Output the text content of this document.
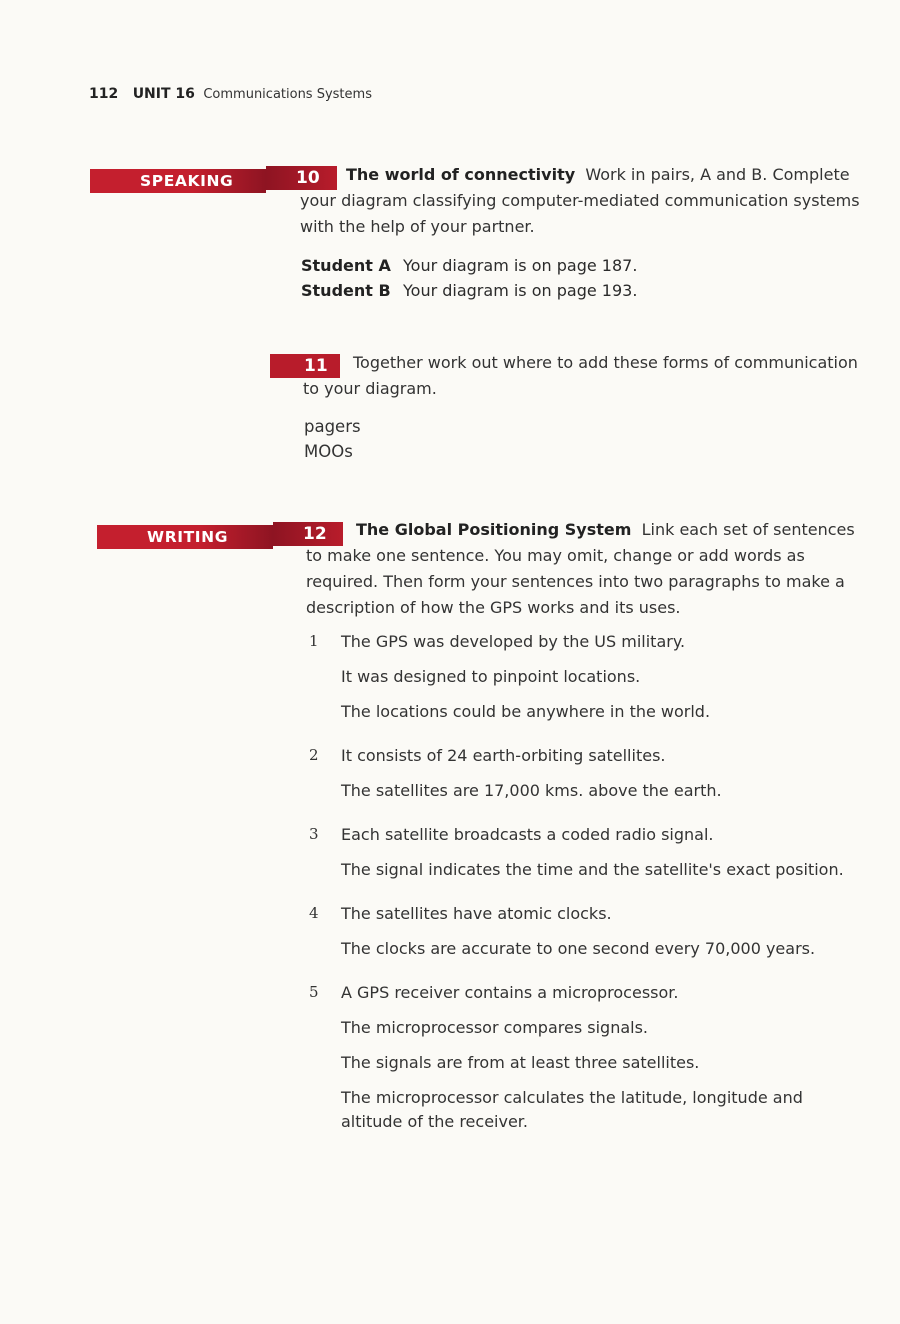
112 UNIT 16 Communications Systems
SPEAKING	10	The world of connectivity Work in pairs, A and B. Complete your diagram classifying computer-mediated communication systems with the help of your partner.
Student A Your diagram is on page 187.
Student B Your diagram is on page 193.
11	Together work out where to add these forms of communication to your diagram.
pagers
MOOs
WRITING	12	The Global Positioning System Link each set of sentences to make one sentence. You may omit, change or add words as required. Then form your sentences into two paragraphs to make a description of how the GPS works and its uses.
1	The GPS was developed by the US military.
It was designed to pinpoint locations.
The locations could be anywhere in the world.
2	It consists of 24 earth-orbiting satellites.
The satellites are 17,000 kms. above the earth.
3	Each satellite broadcasts a coded radio signal.
The signal indicates the time and the satellite's exact position.
4	The satellites have atomic clocks.
The clocks are accurate to one second every 70,000 years.
5	A GPS receiver contains a microprocessor.
The microprocessor compares signals.
The signals are from at least three satellites.
The microprocessor calculates the latitude, longitude and altitude of the receiver.
